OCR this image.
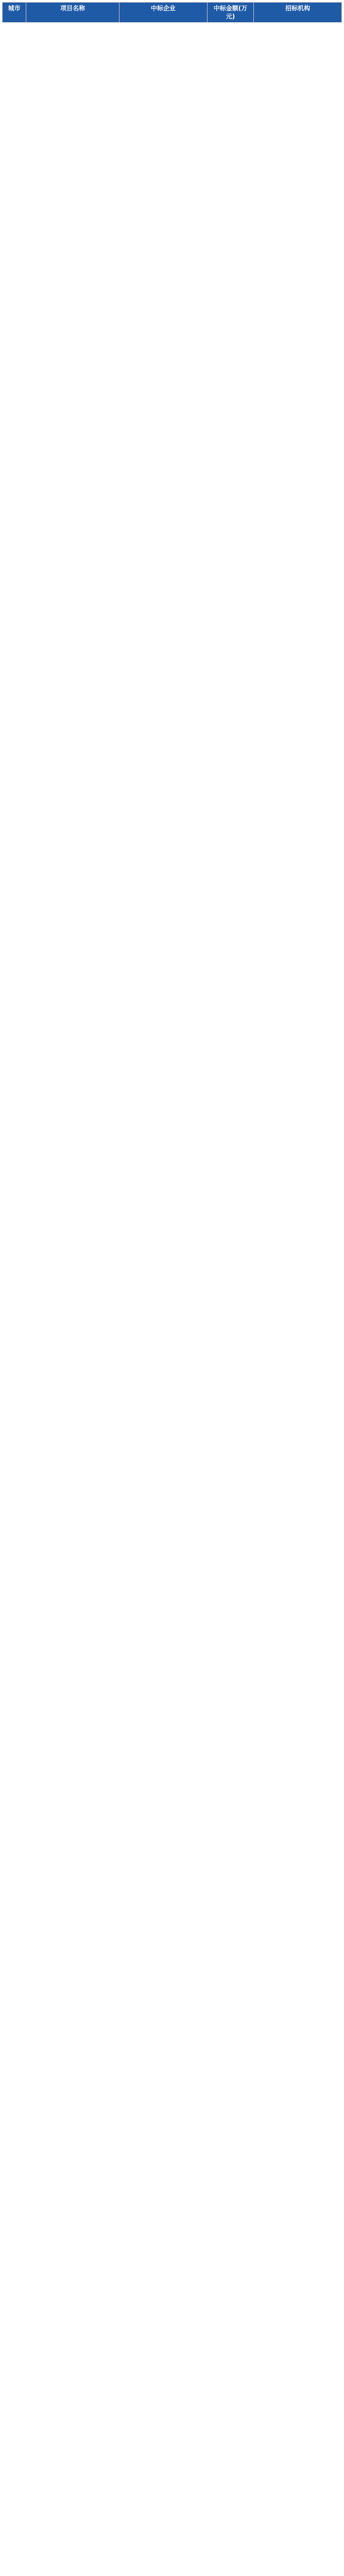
城市	项目名称	中标企业	中标金额(万元)	招标机构
